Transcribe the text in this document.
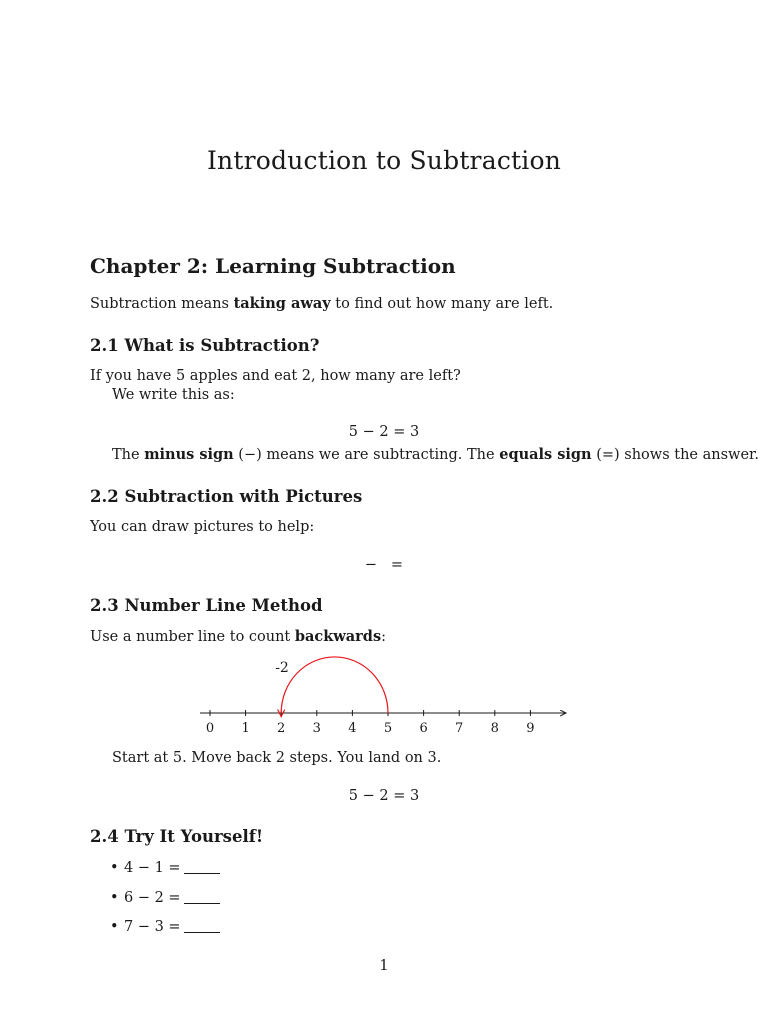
Introduction to Subtraction
Chapter 2: Learning Subtraction
Subtraction means taking away to find out how many are left.
2.1 What is Subtraction?
If you have 5 apples and eat 2, how many are left?
We write this as:
5 − 2 = 3
The minus sign (−) means we are subtracting. The equals sign (=) shows the answer.
2.2 Subtraction with Pictures
You can draw pictures to help:
−   =
2.3 Number Line Method
Use a number line to count backwards:
0 1 2 3 4 5 6 7 8 9
-2
Start at 5. Move back 2 steps. You land on 3.
5 − 2 = 3
2.4 Try It Yourself!
• 4 − 1 =
• 6 − 2 =
• 7 − 3 =
1
